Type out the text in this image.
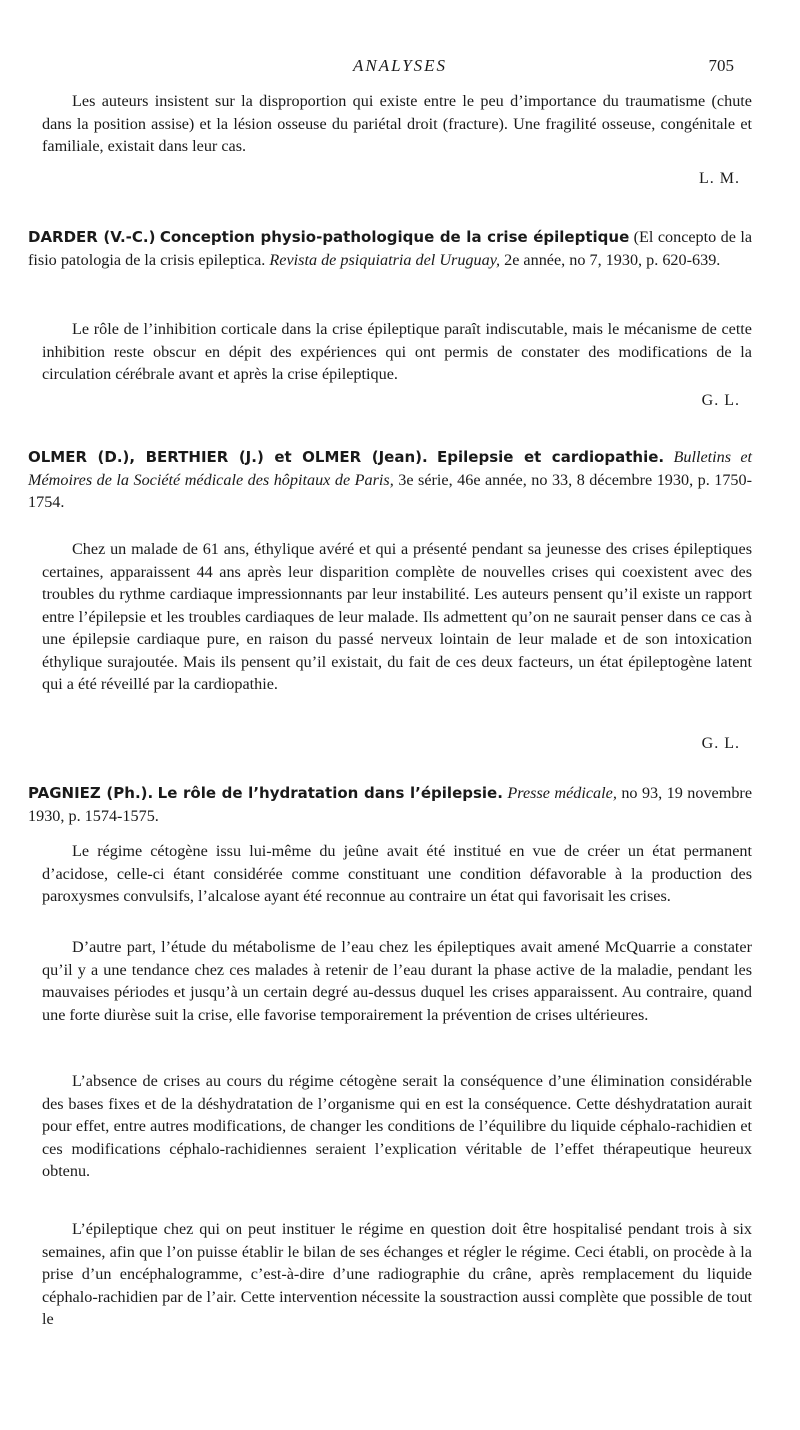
ANALYSES	705

Les auteurs insistent sur la disproportion qui existe entre le peu d’importance du traumatisme (chute dans la position assise) et la lésion osseuse du pariétal droit (fracture). Une fragilité osseuse, congénitale et familiale, existait dans leur cas.

L. M.

DARDER (V.-C.) Conception physio-pathologique de la crise épileptique (El concepto de la fisio patologia de la crisis epileptica. Revista de psiquiatria del Uruguay, 2e année, no 7, 1930, p. 620-639.

Le rôle de l’inhibition corticale dans la crise épileptique paraît indiscutable, mais le mécanisme de cette inhibition reste obscur en dépit des expériences qui ont permis de constater des modifications de la circulation cérébrale avant et après la crise épileptique.

G. L.

OLMER (D.), BERTHIER (J.) et OLMER (Jean). Epilepsie et cardiopathie. Bulletins et Mémoires de la Société médicale des hôpitaux de Paris, 3e série, 46e année, no 33, 8 décembre 1930, p. 1750-1754.

Chez un malade de 61 ans, éthylique avéré et qui a présenté pendant sa jeunesse des crises épileptiques certaines, apparaissent 44 ans après leur disparition complète de nouvelles crises qui coexistent avec des troubles du rythme cardiaque impressionnants par leur instabilité. Les auteurs pensent qu’il existe un rapport entre l’épilepsie et les troubles cardiaques de leur malade. Ils admettent qu’on ne saurait penser dans ce cas à une épilepsie cardiaque pure, en raison du passé nerveux lointain de leur malade et de son intoxication éthylique surajoutée. Mais ils pensent qu’il existait, du fait de ces deux facteurs, un état épileptogène latent qui a été réveillé par la cardiopathie.

G. L.

PAGNIEZ (Ph.). Le rôle de l’hydratation dans l’épilepsie. Presse médicale, no 93, 19 novembre 1930, p. 1574-1575.

Le régime cétogène issu lui-même du jeûne avait été institué en vue de créer un état permanent d’acidose, celle-ci étant considérée comme constituant une condition défavorable à la production des paroxysmes convulsifs, l’alcalose ayant été reconnue au contraire un état qui favorisait les crises.

D’autre part, l’étude du métabolisme de l’eau chez les épileptiques avait amené McQuarrie a constater qu’il y a une tendance chez ces malades à retenir de l’eau durant la phase active de la maladie, pendant les mauvaises périodes et jusqu’à un certain degré au-dessus duquel les crises apparaissent. Au contraire, quand une forte diurèse suit la crise, elle favorise temporairement la prévention de crises ultérieures.

L’absence de crises au cours du régime cétogène serait la conséquence d’une élimination considérable des bases fixes et de la déshydratation de l’organisme qui en est la conséquence. Cette déshydratation aurait pour effet, entre autres modifications, de changer les conditions de l’équilibre du liquide céphalo-rachidien et ces modifications céphalo-rachidiennes seraient l’explication véritable de l’effet thérapeutique heureux obtenu.

L’épileptique chez qui on peut instituer le régime en question doit être hospitalisé pendant trois à six semaines, afin que l’on puisse établir le bilan de ses échanges et régler le régime. Ceci établi, on procède à la prise d’un encéphalogramme, c’est-à-dire d’une radiographie du crâne, après remplacement du liquide céphalo-rachidien par de l’air. Cette intervention nécessite la soustraction aussi complète que possible de tout le
